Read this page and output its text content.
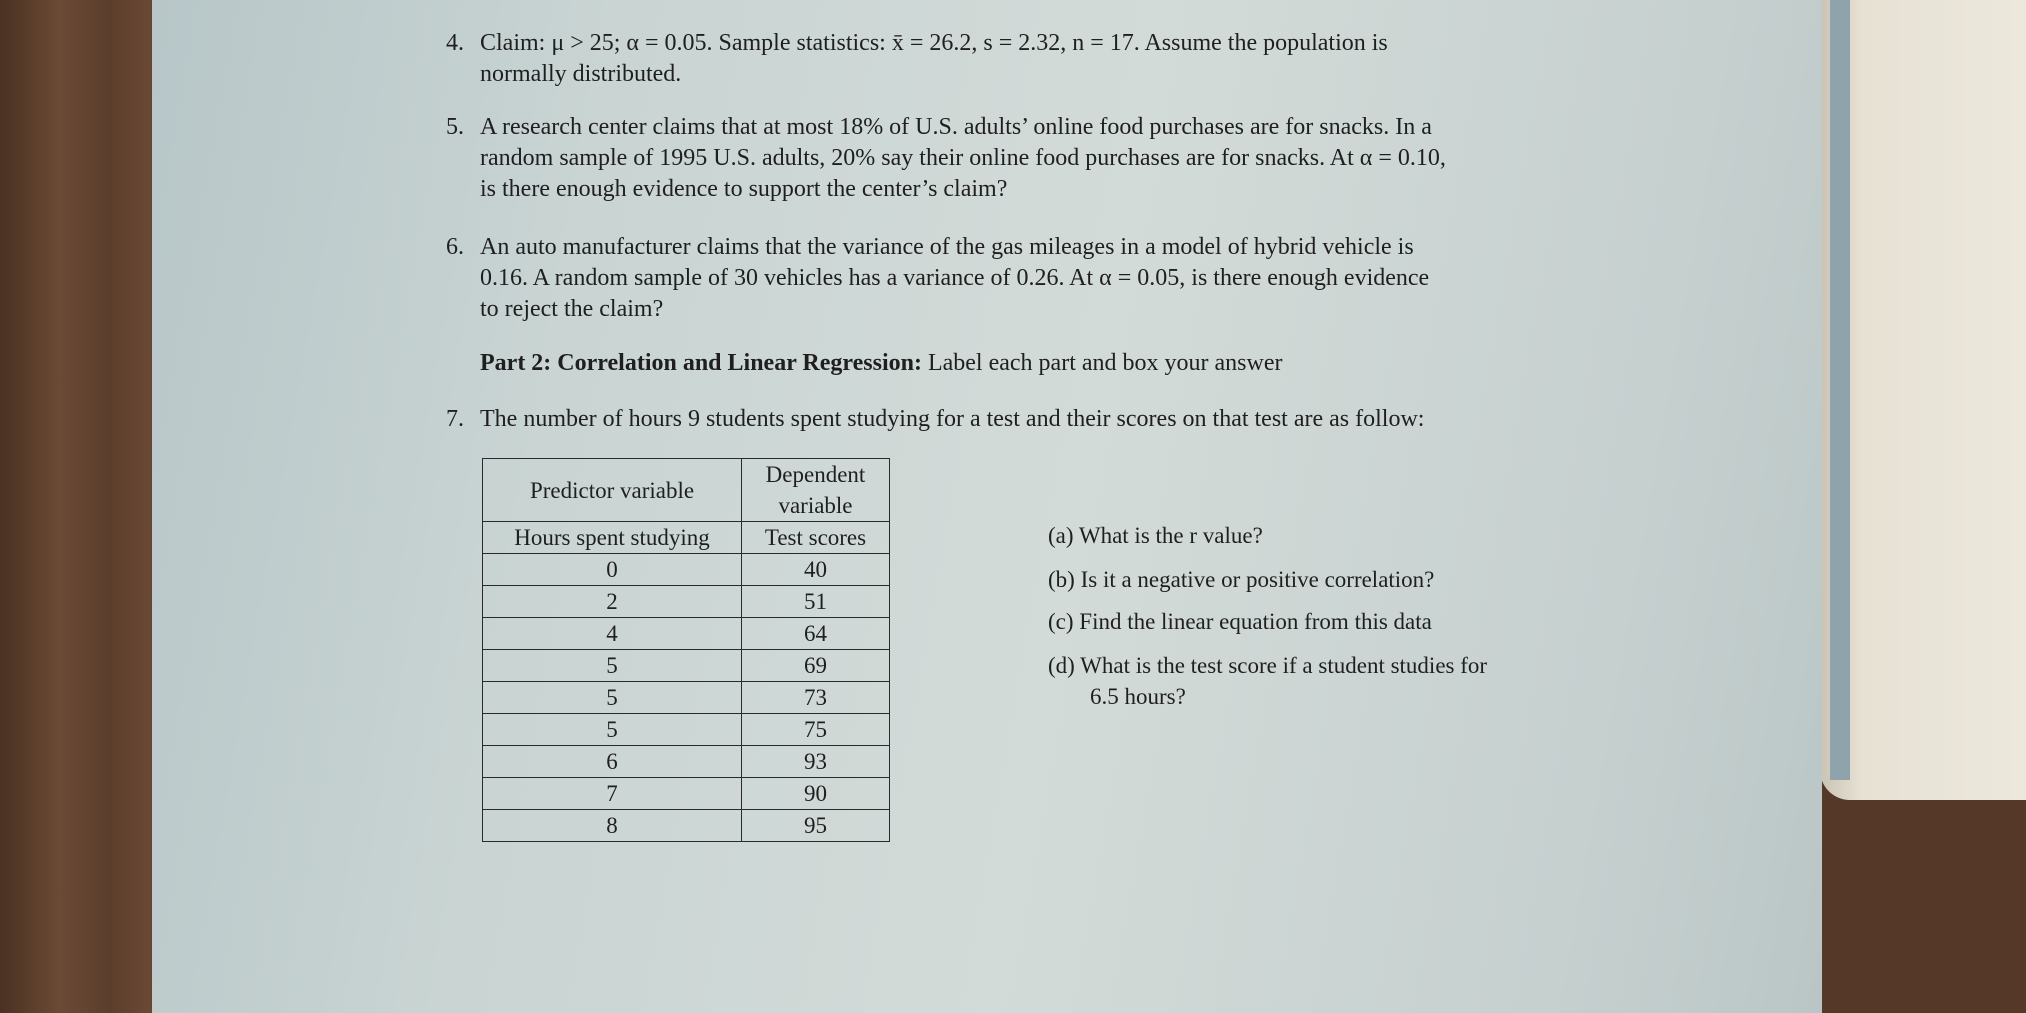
4. Claim: μ > 25; α = 0.05. Sample statistics: x̄ = 26.2, s = 2.32, n = 17. Assume the population is
normally distributed.
5. A research center claims that at most 18% of U.S. adults’ online food purchases are for snacks. In a
random sample of 1995 U.S. adults, 20% say their online food purchases are for snacks. At α = 0.10,
is there enough evidence to support the center’s claim?
6. An auto manufacturer claims that the variance of the gas mileages in a model of hybrid vehicle is
0.16. A random sample of 30 vehicles has a variance of 0.26. At α = 0.05, is there enough evidence
to reject the claim?
Part 2: Correlation and Linear Regression: Label each part and box your answer
7. The number of hours 9 students spent studying for a test and their scores on that test are as follow:
Predictor variable	Dependent variable
Hours spent studying	Test scores
0	40
2	51
4	64
5	69
5	73
5	75
6	93
7	90
8	95
(a) What is the r value?
(b) Is it a negative or positive correlation?
(c) Find the linear equation from this data
(d) What is the test score if a student studies for
6.5 hours?
